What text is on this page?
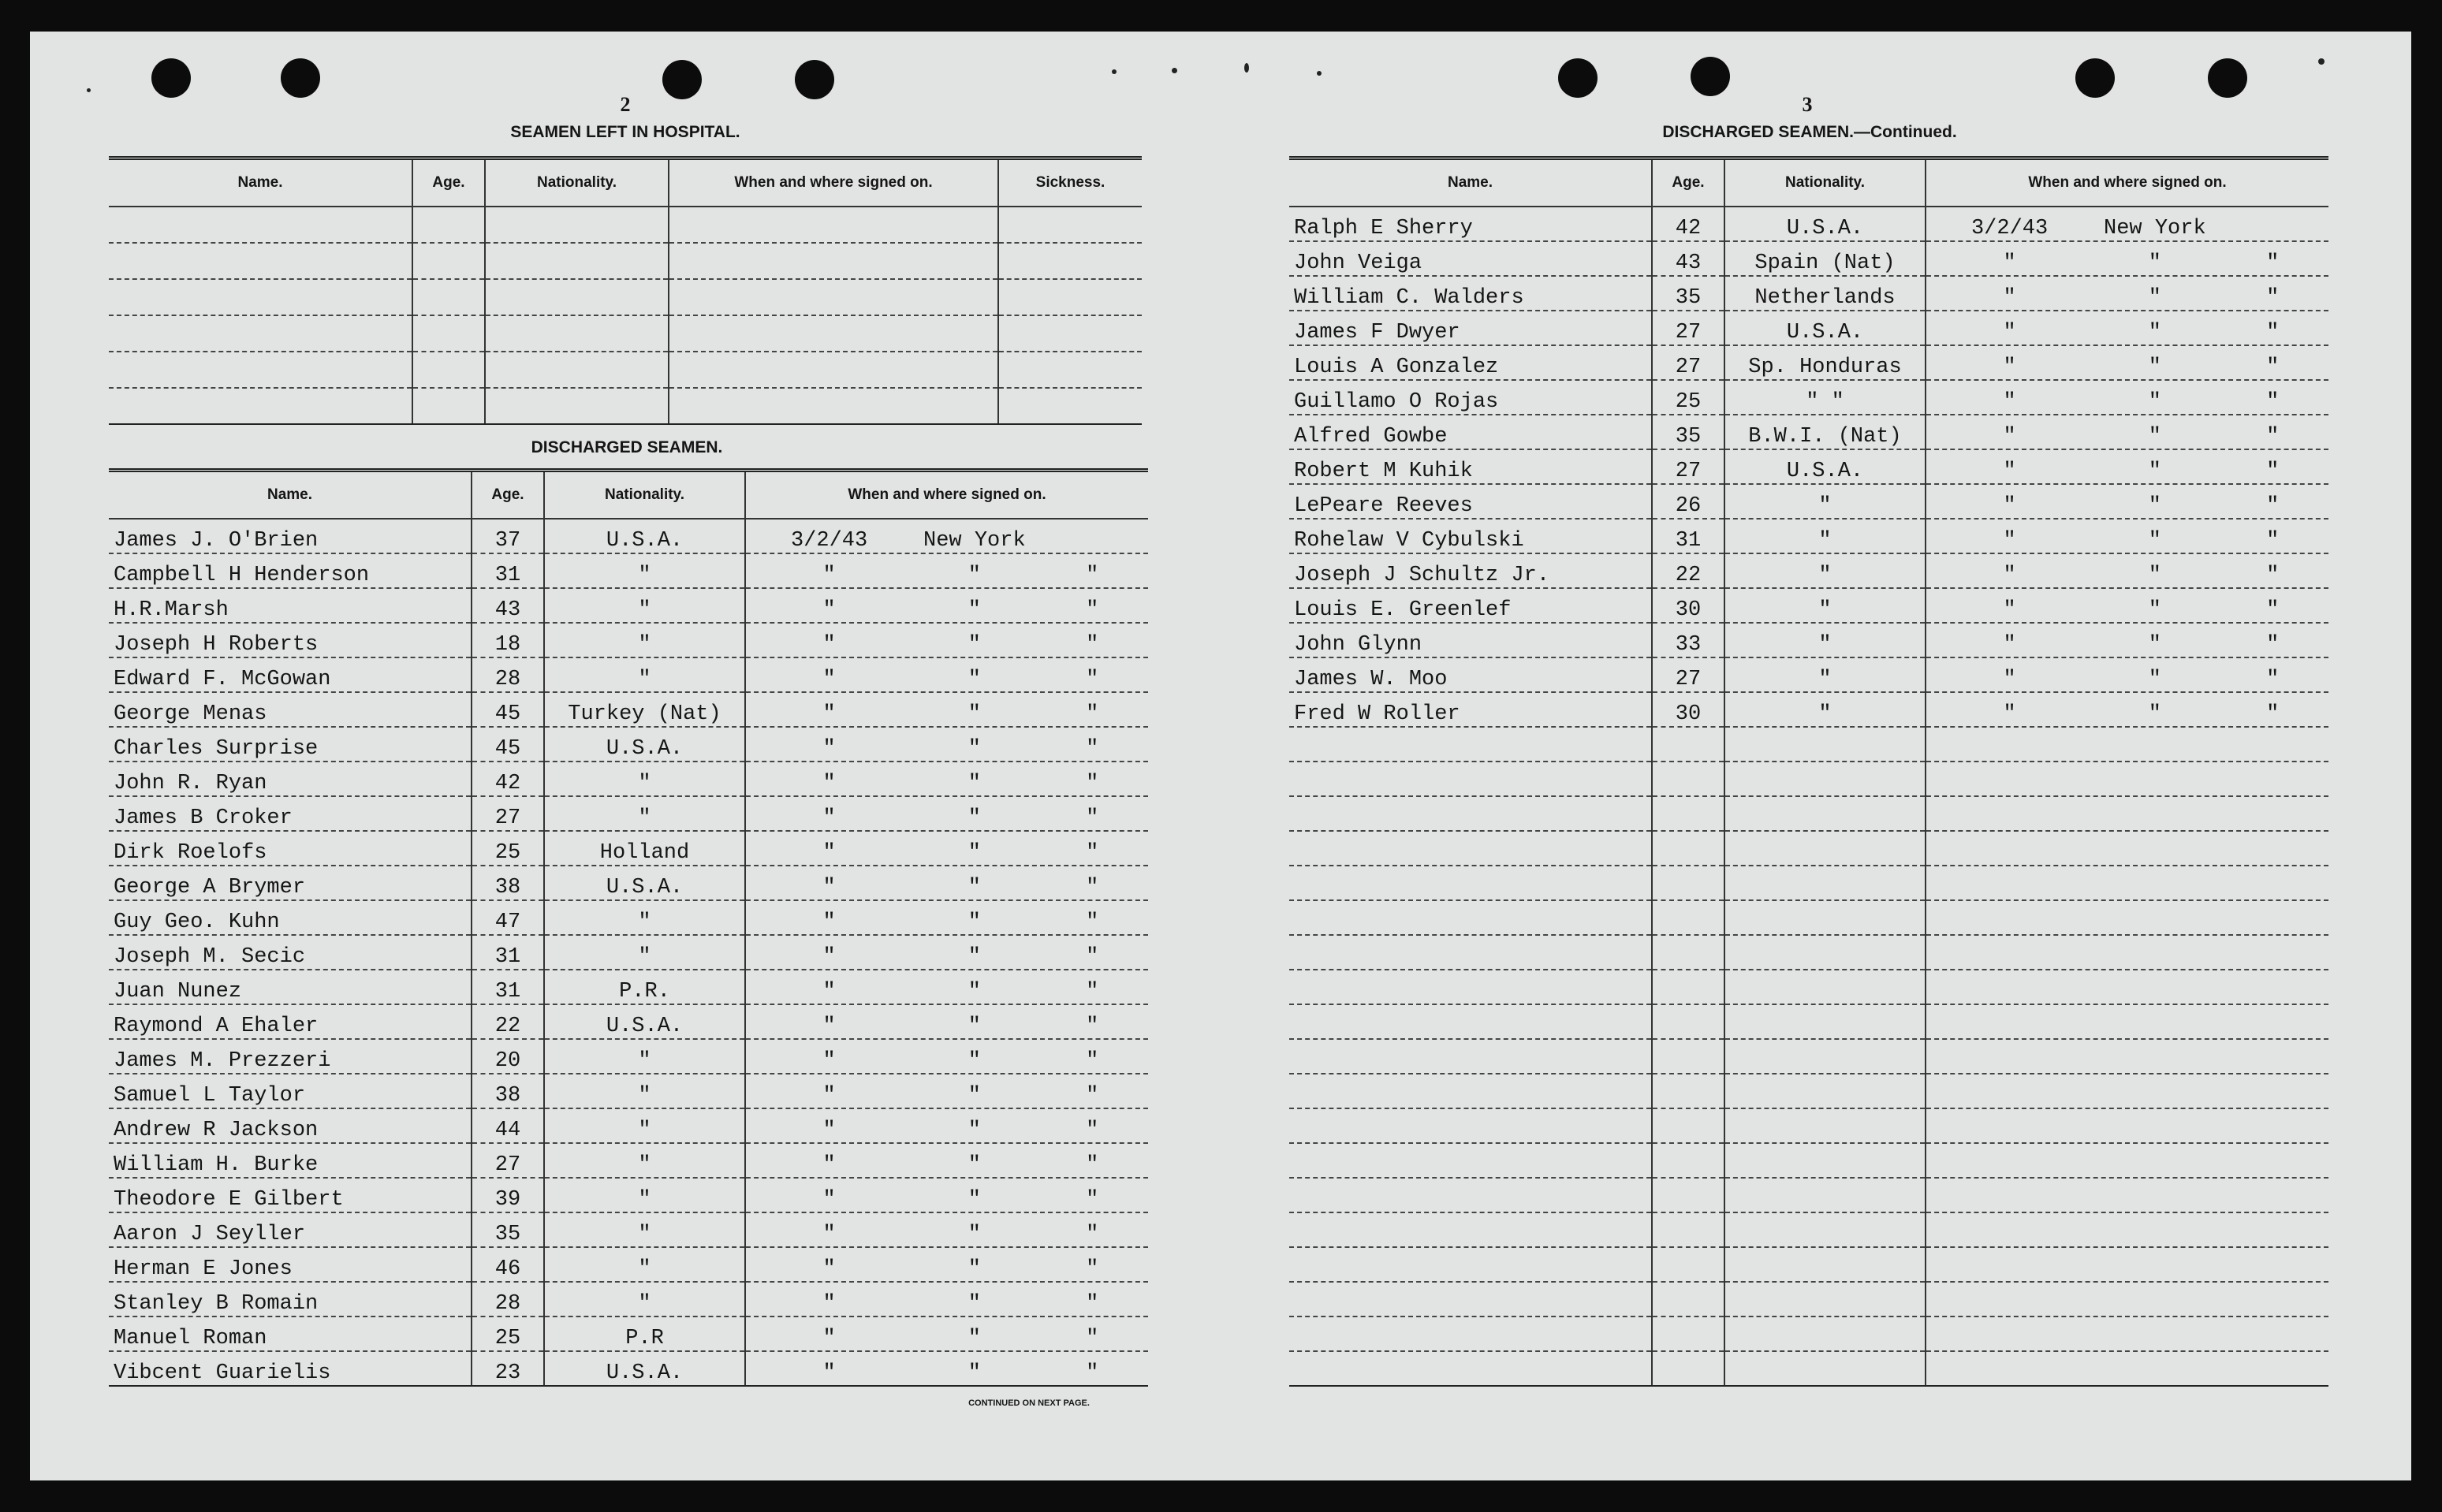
2
SEAMEN LEFT IN HOSPITAL.
Name.	Age.	Nationality.	When and where signed on.	Sickness.

DISCHARGED SEAMEN.
Name.	Age.	Nationality.	When and where signed on.
James J. O'Brien	37	U.S.A.	3/2/43 New York
Campbell H Henderson	31	"	" " "
H.R.Marsh	43	"	" " "
Joseph H Roberts	18	"	" " "
Edward F. McGowan	28	"	" " "
George Menas	45	Turkey (Nat)	" " "
Charles Surprise	45	U.S.A.	" " "
John R. Ryan	42	"	" " "
James B Croker	27	"	" " "
Dirk Roelofs	25	Holland	" " "
George A Brymer	38	U.S.A.	" " "
Guy Geo. Kuhn	47	"	" " "
Joseph M. Secic	31	"	" " "
Juan Nunez	31	P.R.	" " "
Raymond A Ehaler	22	U.S.A.	" " "
James M. Prezzeri	20	"	" " "
Samuel L Taylor	38	"	" " "
Andrew R Jackson	44	"	" " "
William H. Burke	27	"	" " "
Theodore E Gilbert	39	"	" " "
Aaron J Seyller	35	"	" " "
Herman E Jones	46	"	" " "
Stanley B Romain	28	"	" " "
Manuel Roman	25	P.R	" " "
Vibcent Guarielis	23	U.S.A.	" " "
CONTINUED ON NEXT PAGE.
3
DISCHARGED SEAMEN.—Continued.
Name.	Age.	Nationality.	When and where signed on.
Ralph E Sherry	42	U.S.A.	3/2/43 New York
John Veiga	43	Spain (Nat)	" " "
William C. Walders	35	Netherlands	" " "
James F Dwyer	27	U.S.A.	" " "
Louis A Gonzalez	27	Sp. Honduras	" " "
Guillamo O Rojas	25	" "	" " "
Alfred Gowbe	35	B.W.I. (Nat)	" " "
Robert M Kuhik	27	U.S.A.	" " "
LePeare Reeves	26	"	" " "
Rohelaw V Cybulski	31	"	" " "
Joseph J Schultz Jr.	22	"	" " "
Louis E. Greenlef	30	"	" " "
John Glynn	33	"	" " "
James W. Moo	27	"	" " "
Fred W Roller	30	"	" " "
